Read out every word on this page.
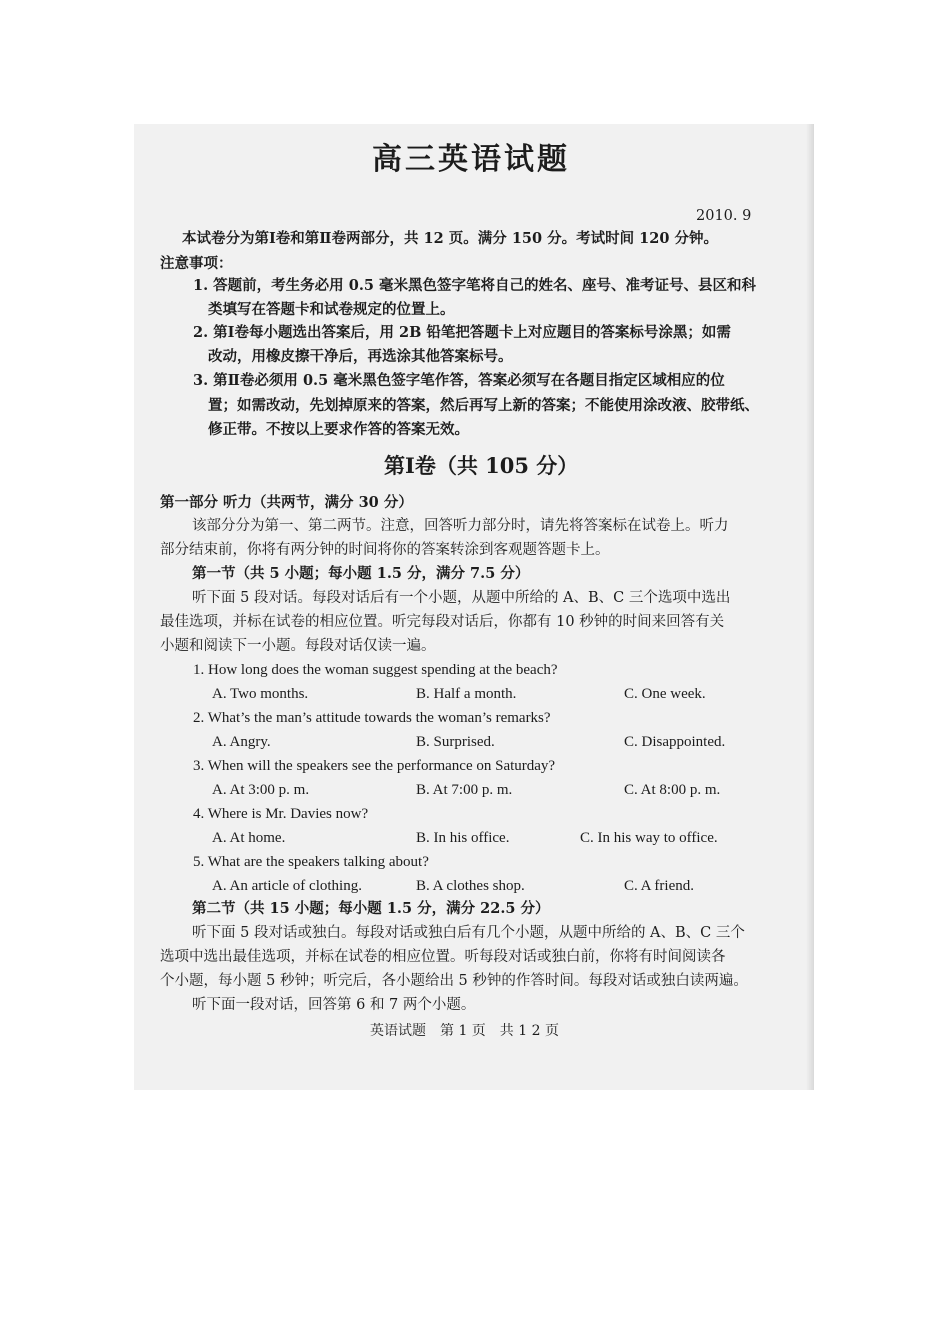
高三英语试题
2010. 9
本试卷分为第Ⅰ卷和第Ⅱ卷两部分，共 12 页。满分 150 分。考试时间 120 分钟。
注意事项：
1. 答题前，考生务必用 0.5 毫米黑色签字笔将自己的姓名、座号、准考证号、县区和科
类填写在答题卡和试卷规定的位置上。
2. 第Ⅰ卷每小题选出答案后，用 2B 铅笔把答题卡上对应题目的答案标号涂黑；如需
改动，用橡皮擦干净后，再选涂其他答案标号。
3. 第Ⅱ卷必须用 0.5 毫米黑色签字笔作答，答案必须写在各题目指定区域相应的位
置；如需改动，先划掉原来的答案，然后再写上新的答案；不能使用涂改液、胶带纸、
修正带。不按以上要求作答的答案无效。
第Ⅰ卷（共 105 分）
第一部分 听力（共两节，满分 30 分）
该部分分为第一、第二两节。注意，回答听力部分时，请先将答案标在试卷上。听力
部分结束前，你将有两分钟的时间将你的答案转涂到客观题答题卡上。
第一节（共 5 小题；每小题 1.5 分，满分 7.5 分）
听下面 5 段对话。每段对话后有一个小题，从题中所给的 A、B、C 三个选项中选出
最佳选项，并标在试卷的相应位置。听完每段对话后，你都有 10 秒钟的时间来回答有关
小题和阅读下一小题。每段对话仅读一遍。
1. How long does the woman suggest spending at the beach?
A. Two months.	B. Half a month.	C. One week.
2. What’s the man’s attitude towards the woman’s remarks?
A. Angry.	B. Surprised.	C. Disappointed.
3. When will the speakers see the performance on Saturday?
A. At 3:00 p. m.	B. At 7:00 p. m.	C. At 8:00 p. m.
4. Where is Mr. Davies now?
A. At home.	B. In his office.	C. In his way to office.
5. What are the speakers talking about?
A. An article of clothing.	B. A clothes shop.	C. A friend.
第二节（共 15 小题；每小题 1.5 分，满分 22.5 分）
听下面 5 段对话或独白。每段对话或独白后有几个小题，从题中所给的 A、B、C 三个
选项中选出最佳选项，并标在试卷的相应位置。听每段对话或独白前，你将有时间阅读各
个小题，每小题 5 秒钟；听完后，各小题给出 5 秒钟的作答时间。每段对话或独白读两遍。
听下面一段对话，回答第 6 和 7 两个小题。
英语试题　第 1 页　共 1 2 页
